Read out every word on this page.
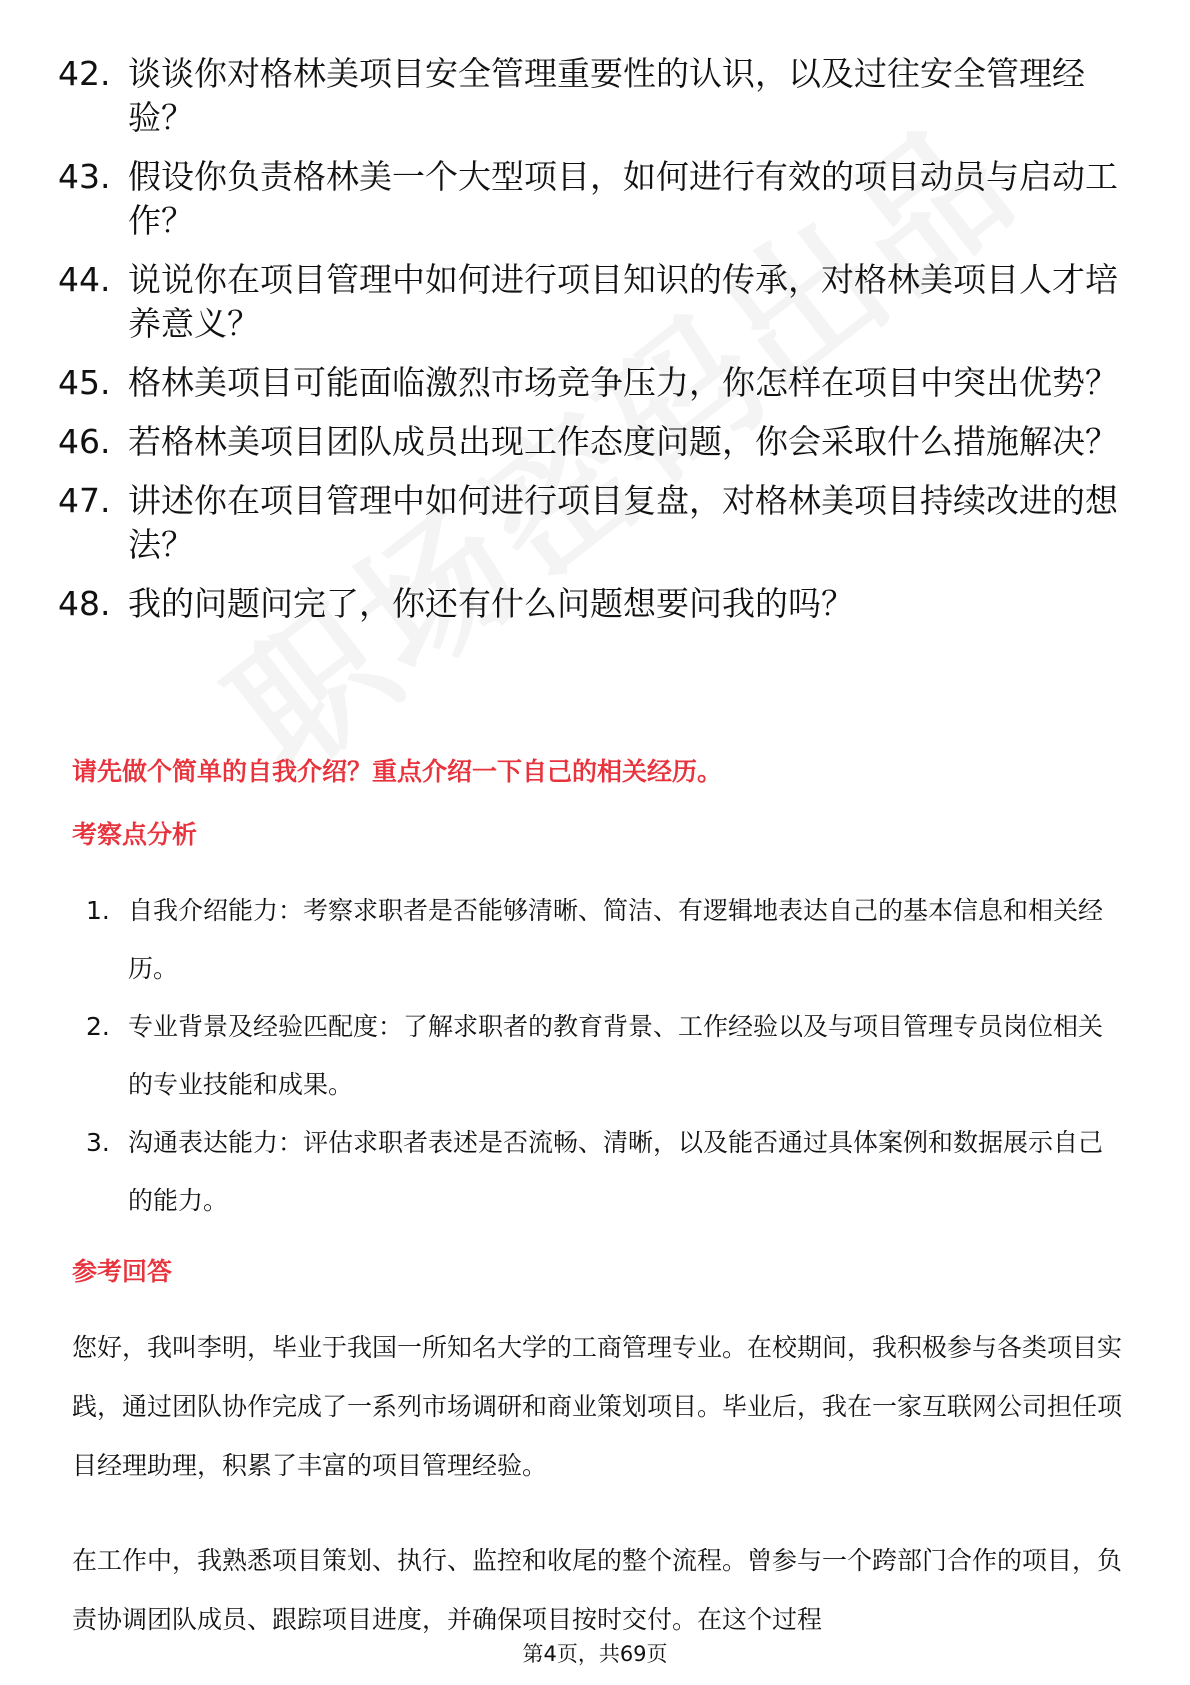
42. 谈谈你对格林美项目安全管理重要性的认识，以及过往安全管理经验？
43. 假设你负责格林美一个大型项目，如何进行有效的项目动员与启动工作？
44. 说说你在项目管理中如何进行项目知识的传承，对格林美项目人才培养意义？
45. 格林美项目可能面临激烈市场竞争压力，你怎样在项目中突出优势？
46. 若格林美项目团队成员出现工作态度问题，你会采取什么措施解决？
47. 讲述你在项目管理中如何进行项目复盘，对格林美项目持续改进的想法？
48. 我的问题问完了，你还有什么问题想要问我的吗？
请先做个简单的自我介绍？重点介绍一下自己的相关经历。
考察点分析
1. 自我介绍能力：考察求职者是否能够清晰、简洁、有逻辑地表达自己的基本信息和相关经历。
2. 专业背景及经验匹配度：了解求职者的教育背景、工作经验以及与项目管理专员岗位相关的专业技能和成果。
3. 沟通表达能力：评估求职者表述是否流畅、清晰，以及能否通过具体案例和数据展示自己的能力。
参考回答

您好，我叫李明，毕业于我国一所知名大学的工商管理专业。在校期间，我积极参与各类项目实践，通过团队协作完成了一系列市场调研和商业策划项目。毕业后，我在一家互联网公司担任项目经理助理，积累了丰富的项目管理经验。

在工作中，我熟悉项目策划、执行、监控和收尾的整个流程。曾参与一个跨部门合作的项目，负责协调团队成员、跟踪项目进度，并确保项目按时交付。在这个过程

第4页，共69页
